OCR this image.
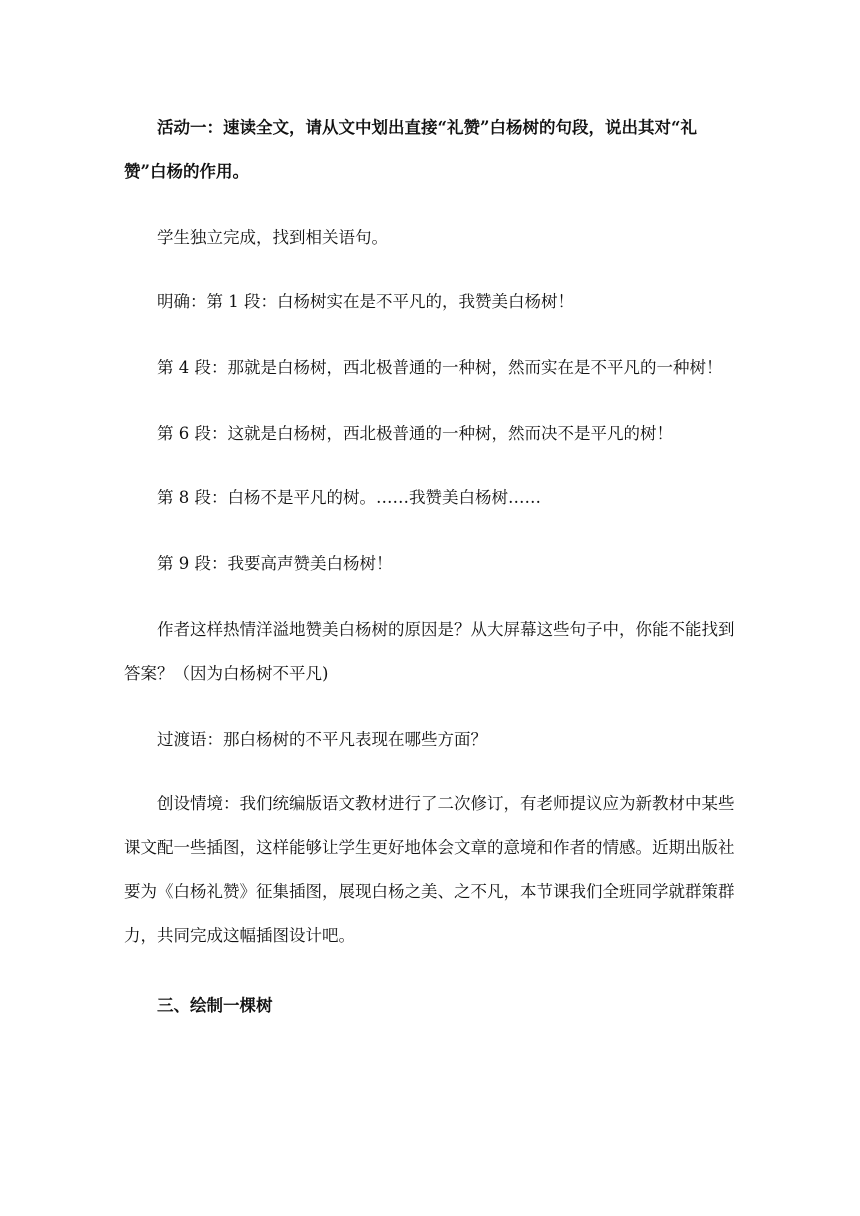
活动一：速读全文，请从文中划出直接“礼赞”白杨树的句段，说出其对“礼赞”白杨的作用。

学生独立完成，找到相关语句。

明确：第 1 段：白杨树实在是不平凡的，我赞美白杨树！

第 4 段：那就是白杨树，西北极普通的一种树，然而实在是不平凡的一种树！

第 6 段：这就是白杨树，西北极普通的一种树，然而决不是平凡的树！

第 8 段：白杨不是平凡的树。……我赞美白杨树……

第 9 段：我要高声赞美白杨树！

作者这样热情洋溢地赞美白杨树的原因是？从大屏幕这些句子中，你能不能找到答案？（因为白杨树不平凡)

过渡语：那白杨树的不平凡表现在哪些方面？

创设情境：我们统编版语文教材进行了二次修订，有老师提议应为新教材中某些课文配一些插图，这样能够让学生更好地体会文章的意境和作者的情感。近期出版社要为《白杨礼赞》征集插图，展现白杨之美、之不凡，本节课我们全班同学就群策群力，共同完成这幅插图设计吧。

三、绘制一棵树
